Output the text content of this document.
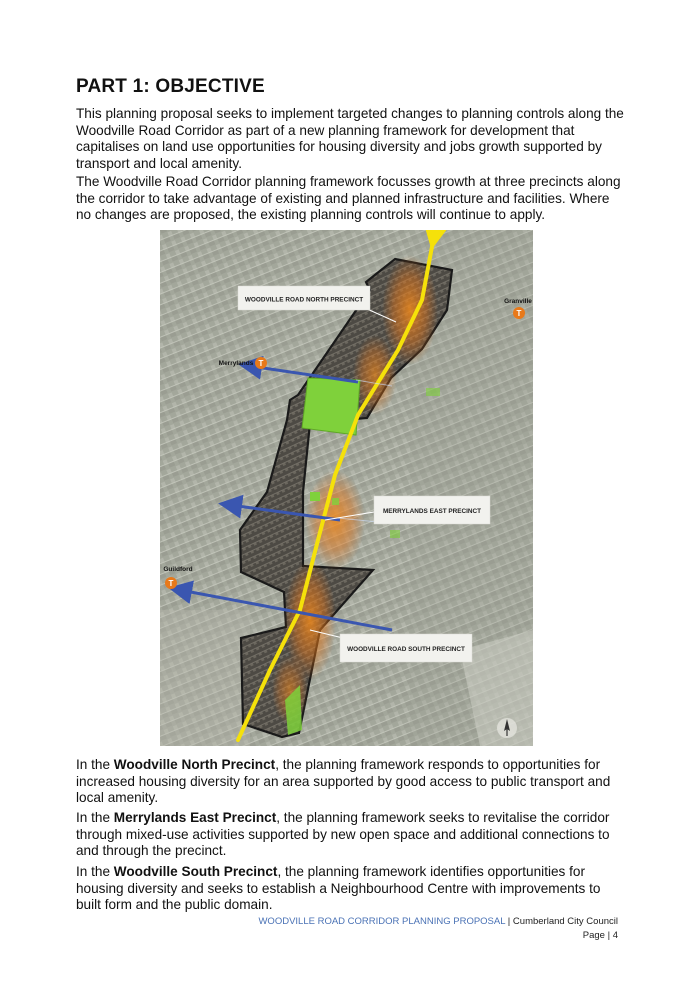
PART 1: OBJECTIVE

This planning proposal seeks to implement targeted changes to planning controls along the Woodville Road Corridor as part of a new planning framework for development that capitalises on land use opportunities for housing diversity and jobs growth supported by transport and local amenity.

The Woodville Road Corridor planning framework focusses growth at three precincts along the corridor to take advantage of existing and planned infrastructure and facilities. Where no changes are proposed, the existing planning controls will continue to apply.

WOODVILLE ROAD NORTH PRECINCT
MERRYLANDS EAST PRECINCT
WOODVILLE ROAD SOUTH PRECINCT
Granville
T
Merrylands T
Guildford
T

In the Woodville North Precinct, the planning framework responds to opportunities for increased housing diversity for an area supported by good access to public transport and local amenity.

In the Merrylands East Precinct, the planning framework seeks to revitalise the corridor through mixed-use activities supported by new open space and additional connections to and through the precinct.

In the Woodville South Precinct, the planning framework identifies opportunities for housing diversity and seeks to establish a Neighbourhood Centre with improvements to built form and the public domain.

WOODVILLE ROAD CORRIDOR PLANNING PROPOSAL | Cumberland City Council
Page | 4
